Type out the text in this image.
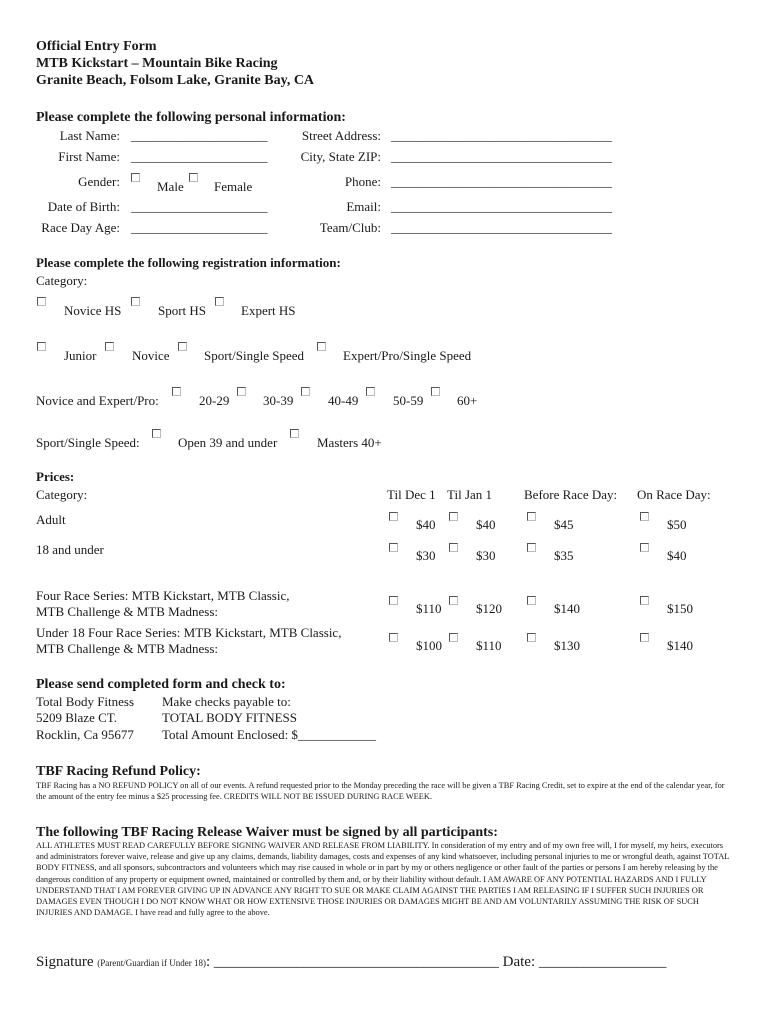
Official Entry Form
MTB Kickstart – Mountain Bike Racing
Granite Beach, Folsom Lake, Granite Bay, CA
Please complete the following personal information:
Last Name: _____________________
First Name: _____________________
Gender:	Male Female
Date of Birth: _____________________
Race Day Age: _____________________
Street Address: __________________________________
City, State ZIP: __________________________________
Phone: __________________________________
Email: __________________________________
Team/Club: __________________________________
Please complete the following registration information:
Category:
Novice HS	Sport HS	Expert HS
Junior	Novice	Sport/Single Speed	Expert/Pro/Single Speed
Novice and Expert/Pro:	20-29	30-39	40-49	50-59	60+
Sport/Single Speed:	Open 39 and under	Masters 40+
Prices:
Category:	Til Dec 1 Til Jan 1 Before Race Day: On Race Day:
Adult	$40	$40	$45	$50
18 and under	$30	$30	$35	$40
Four Race Series: MTB Kickstart, MTB Classic,
MTB Challenge & MTB Madness:	$110	$120	$140	$150
Under 18 Four Race Series: MTB Kickstart, MTB Classic,
MTB Challenge & MTB Madness:	$100	$110	$130	$140
Please send completed form and check to:
Total Body Fitness
5209 Blaze CT.
Rocklin, Ca 95677
Make checks payable to:
TOTAL BODY FITNESS
Total Amount Enclosed: $____________
TBF Racing Refund Policy:
TBF Racing has a NO REFUND POLICY on all of our events. A refund requested prior to the Monday preceding the race will be given a TBF Racing Credit, set to expire at the end of the calendar year, for the amount of the entry fee minus a $25 processing fee. CREDITS WILL NOT BE ISSUED DURING RACE WEEK.
The following TBF Racing Release Waiver must be signed by all participants:
ALL ATHLETES MUST READ CAREFULLY BEFORE SIGNING WAIVER AND RELEASE FROM LIABILITY. In consideration of my entry and of my own free will, I for myself, my heirs, executors and administrators forever waive, release and give up any claims, demands, liability damages, costs and expenses of any kind whatsoever, including personal injuries to me or wrongful death, against TOTAL BODY FITNESS, and all sponsors, subcontractors and volunteers which may rise caused in whole or in part by my or others negligence or other fault of the parties or persons I am hereby releasing by the dangerous condition of any property or equipment owned, maintained or controlled by them and, or by their liability without default. I AM AWARE OF ANY POTENTIAL HAZARDS AND I FULLY UNDERSTAND THAT I AM FOREVER GIVING UP IN ADVANCE ANY RIGHT TO SUE OR MAKE CLAIM AGAINST THE PARTIES I AM RELEASING IF I SUFFER SUCH INJURIES OR DAMAGES EVEN THOUGH I DO NOT KNOW WHAT OR HOW EXTENSIVE THOSE INJURIES OR DAMAGES MIGHT BE AND AM VOLUNTARILY ASSUMING THE RISK OF SUCH INJURIES AND DAMAGE. I have read and fully agree to the above.
Signature (Parent/Guardian if Under 18): ______________________________________ Date: _________________
